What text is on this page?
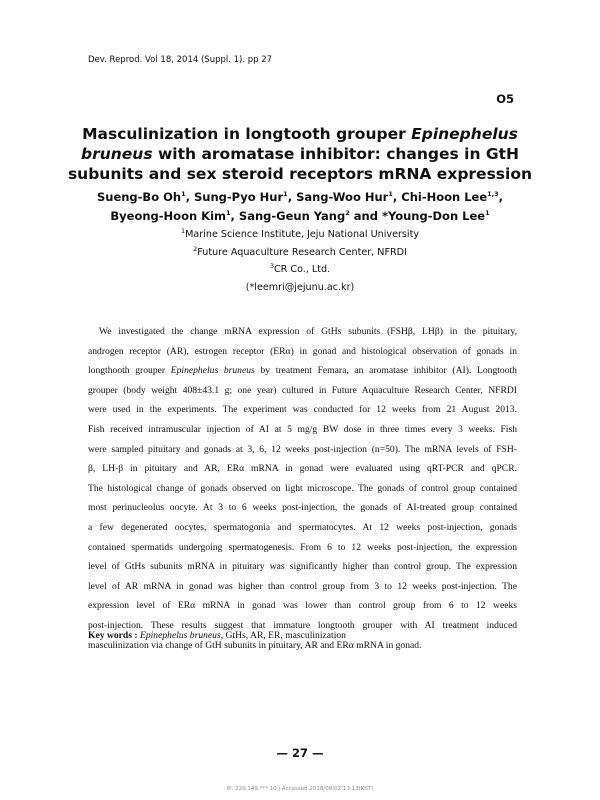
Dev. Reprod. Vol 18, 2014 (Suppl. 1). pp 27
O5
Masculinization in longtooth grouper Epinephelus bruneus with aromatase inhibitor: changes in GtH subunits and sex steroid receptors mRNA expression
Sueng-Bo Oh$^1$, Sung-Pyo Hur$^1$, Sang-Woo Hur$^1$, Chi-Hoon Lee$^{1,3}$,
Byeong-Hoon Kim$^1$, Sang-Geun Yang$^2$ and *Young-Don Lee$^1$
$^1$Marine Science Institute, Jeju National University
$^2$Future Aquaculture Research Center, NFRDI
$^3$CR Co., Ltd.
(*leemri@jejunu.ac.kr)
We investigated the change mRNA expression of GtHs subunits (FSHβ, LHβ) in the pituitary,
androgen receptor (AR), estrogen receptor (ERα) in gonad and histological observation of gonads in
longthooth grouper Epinephelus bruneus by treatment Femara, an aromatase inhibitor (AI). Longtooth
grouper (body weight 408±43.1 g; one year) cultured in Future Aquaculture Research Center, NFRDI
were used in the experiments. The experiment was conducted for 12 weeks from 21 August 2013.
Fish received intramuscular injection of AI at 5 mg/g BW dose in three times every 3 weeks. Fish
were sampled pituitary and gonads at 3, 6, 12 weeks post-injection (n=50). The mRNA levels of FSH-
β, LH-β in pituitary and AR, ERα mRNA in gonad were evaluated using qRT-PCR and qPCR.
The histological change of gonads observed on light microscope. The gonads of control group contained
most perinucleolus oocyte. At 3 to 6 weeks post-injection, the gonads of AI-treated group contained
a few degenerated oocytes, spermatogonia and spermatocytes. At 12 weeks post-injection, gonads
contained spermatids undergoing spermatogenesis. From 6 to 12 weeks post-injection, the expression
level of GtHs subunits mRNA in pituitary was significantly higher than control group. The expression
level of AR mRNA in gonad was higher than control group from 3 to 12 weeks post-injection. The
expression level of ERα mRNA in gonad was lower than control group from 6 to 12 weeks
post-injection. These results suggest that immature longtooth grouper with AI treatment induced
masculinization via change of GtH subunits in pituitary, AR and ERα mRNA in gonad.
Key words : Epinephelus bruneus, GtHs, AR, ER, masculinization
— 27 —
IP: 220.149.*** 10 | Accessed 2018/08/02 13:13(KST)
